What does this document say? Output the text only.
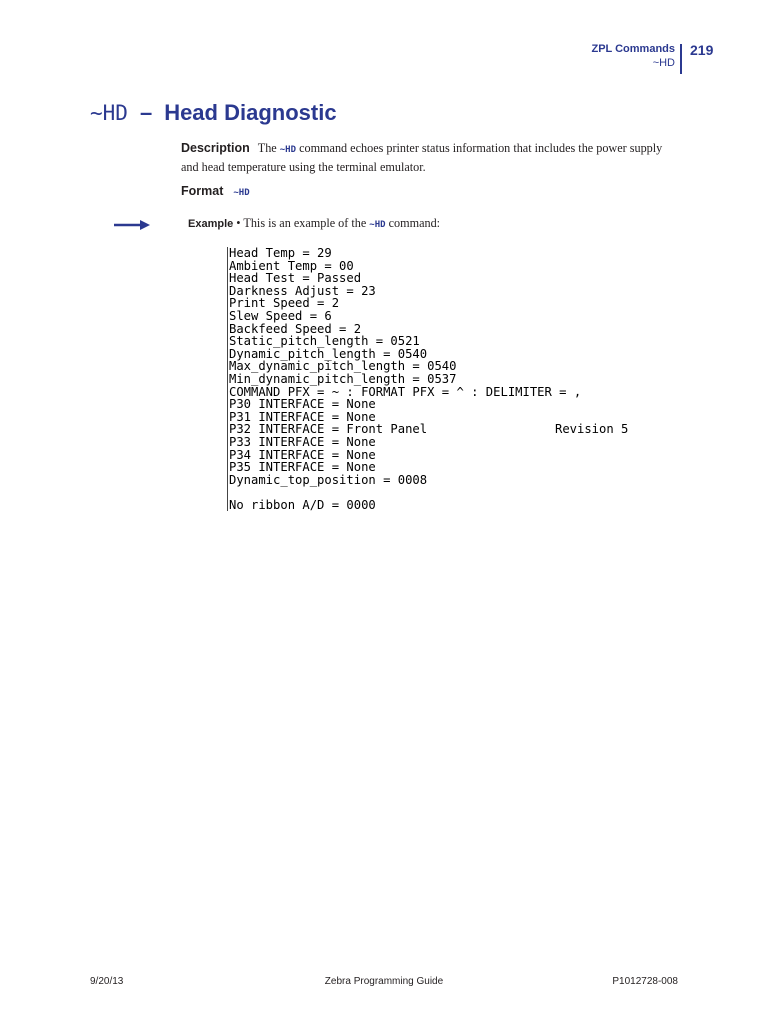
ZPL Commands
~HD
219
~HD – Head Diagnostic
Description The ~HD command echoes printer status information that includes the power supply and head temperature using the terminal emulator.
Format ~HD
Example • This is an example of the ~HD command:
Head Temp = 29
Ambient Temp = 00
Head Test = Passed
Darkness Adjust = 23
Print Speed = 2
Slew Speed = 6
Backfeed Speed = 2
Static_pitch_length = 0521
Dynamic_pitch_length = 0540
Max_dynamic_pitch_length = 0540
Min_dynamic_pitch_length = 0537
COMMAND PFX = ~ : FORMAT PFX = ^ : DELIMITER = ,
P30 INTERFACE = None
P31 INTERFACE = None
P32 INTERFACE = Front Panel	Revision 5
P33 INTERFACE = None
P34 INTERFACE = None
P35 INTERFACE = None
Dynamic_top_position = 0008
No ribbon A/D = 0000
9/20/13	Zebra Programming Guide	P1012728-008
